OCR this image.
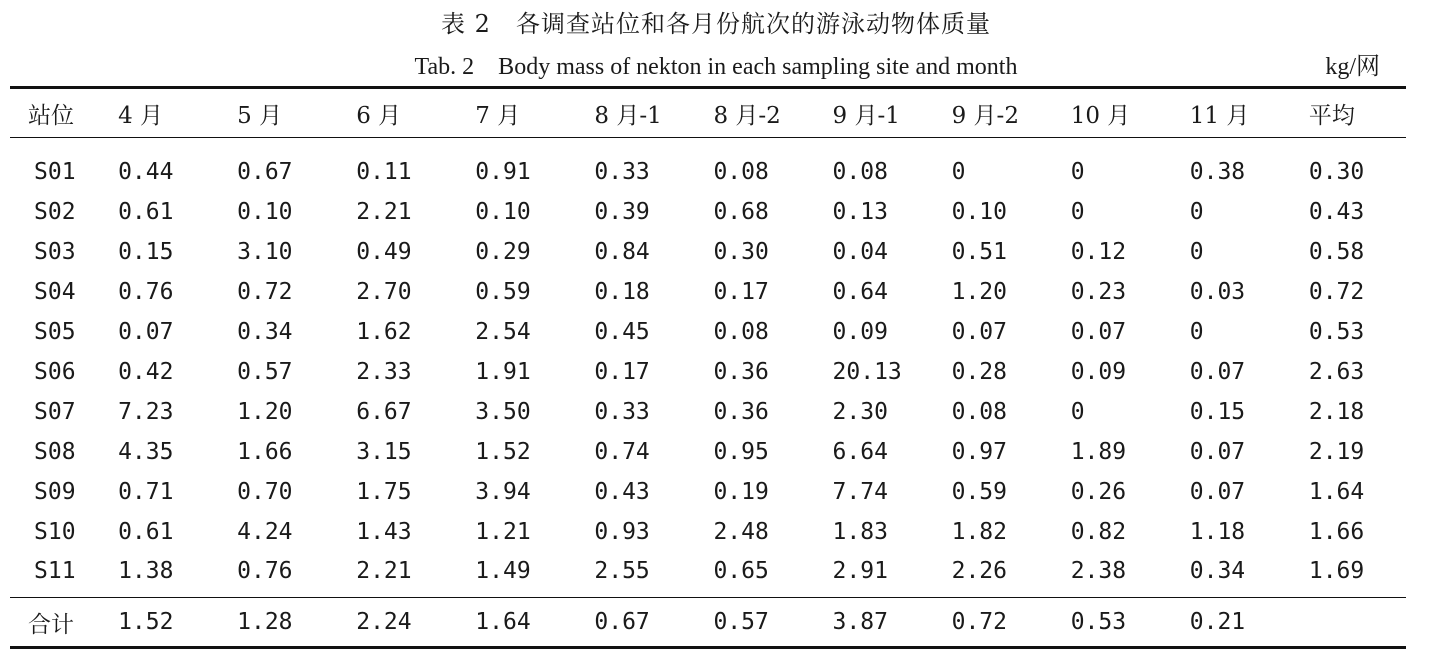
表 2　各调查站位和各月份航次的游泳动物体质量
Tab. 2　Body mass of nekton in each sampling site and month	kg/网
站位	4 月	5 月	6 月	7 月	8 月-1	8 月-2	9 月-1	9 月-2	10 月	11 月	平均

S01	0.44	0.67	0.11	0.91	0.33	0.08	0.08	0	0	0.38	0.30
S02	0.61	0.10	2.21	0.10	0.39	0.68	0.13	0.10	0	0	0.43
S03	0.15	3.10	0.49	0.29	0.84	0.30	0.04	0.51	0.12	0	0.58
S04	0.76	0.72	2.70	0.59	0.18	0.17	0.64	1.20	0.23	0.03	0.72
S05	0.07	0.34	1.62	2.54	0.45	0.08	0.09	0.07	0.07	0	0.53
S06	0.42	0.57	2.33	1.91	0.17	0.36	20.13	0.28	0.09	0.07	2.63
S07	7.23	1.20	6.67	3.50	0.33	0.36	2.30	0.08	0	0.15	2.18
S08	4.35	1.66	3.15	1.52	0.74	0.95	6.64	0.97	1.89	0.07	2.19
S09	0.71	0.70	1.75	3.94	0.43	0.19	7.74	0.59	0.26	0.07	1.64
S10	0.61	4.24	1.43	1.21	0.93	2.48	1.83	1.82	0.82	1.18	1.66
S11	1.38	0.76	2.21	1.49	2.55	0.65	2.91	2.26	2.38	0.34	1.69
合计	1.52	1.28	2.24	1.64	0.67	0.57	3.87	0.72	0.53	0.21	
